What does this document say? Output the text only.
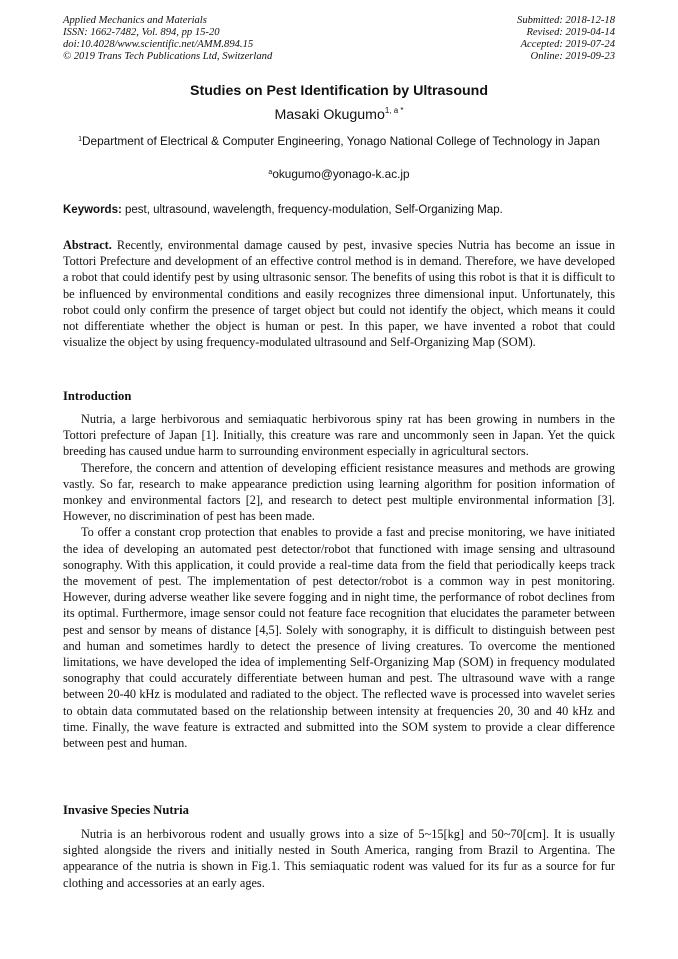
Applied Mechanics and Materials
ISSN: 1662-7482, Vol. 894, pp 15-20
doi:10.4028/www.scientific.net/AMM.894.15
© 2019 Trans Tech Publications Ltd, Switzerland
Submitted: 2018-12-18
Revised: 2019-04-14
Accepted: 2019-07-24
Online: 2019-09-23
Studies on Pest Identification by Ultrasound
Masaki Okugumo$^{1, a *}$
$^1$Department of Electrical & Computer Engineering, Yonago National College of Technology in Japan
$^a$okugumo@yonago-k.ac.jp
Keywords: pest, ultrasound, wavelength, frequency-modulation, Self-Organizing Map.
Abstract. Recently, environmental damage caused by pest, invasive species Nutria has become an issue in Tottori Prefecture and development of an effective control method is in demand. Therefore, we have developed a robot that could identify pest by using ultrasonic sensor. The benefits of using this robot is that it is difficult to be influenced by environmental conditions and easily recognizes three dimensional input. Unfortunately, this robot could only confirm the presence of target object but could not identify the object, which means it could not differentiate whether the object is human or pest. In this paper, we have invented a robot that could visualize the object by using frequency-modulated ultrasound and Self-Organizing Map (SOM).
Introduction

Nutria, a large herbivorous and semiaquatic herbivorous spiny rat has been growing in numbers in the Tottori prefecture of Japan [1]. Initially, this creature was rare and uncommonly seen in Japan. Yet the quick breeding has caused undue harm to surrounding environment especially in agricultural sectors.

Therefore, the concern and attention of developing efficient resistance measures and methods are growing vastly. So far, research to make appearance prediction using learning algorithm for position information of monkey and environmental factors [2], and research to detect pest multiple environmental information [3]. However, no discrimination of pest has been made.

To offer a constant crop protection that enables to provide a fast and precise monitoring, we have initiated the idea of developing an automated pest detector/robot that functioned with image sensing and ultrasound sonography. With this application, it could provide a real-time data from the field that periodically keeps track the movement of pest. The implementation of pest detector/robot is a common way in pest monitoring. However, during adverse weather like severe fogging and in night time, the performance of robot declines from its optimal. Furthermore, image sensor could not feature face recognition that elucidates the parameter between pest and sensor by means of distance [4,5]. Solely with sonography, it is difficult to distinguish between pest and human and sometimes hardly to detect the presence of living creatures. To overcome the mentioned limitations, we have developed the idea of implementing Self-Organizing Map (SOM) in frequency modulated sonography that could accurately differentiate between human and pest. The ultrasound wave with a range between 20-40 kHz is modulated and radiated to the object. The reflected wave is processed into wavelet series to obtain data commutated based on the relationship between intensity at frequencies 20, 30 and 40 kHz and time. Finally, the wave feature is extracted and submitted into the SOM system to provide a clear difference between pest and human.

Invasive Species Nutria

Nutria is an herbivorous rodent and usually grows into a size of 5~15[kg] and 50~70[cm]. It is usually sighted alongside the rivers and initially nested in South America, ranging from Brazil to Argentina. The appearance of the nutria is shown in Fig.1. This semiaquatic rodent was valued for its fur as a source for fur clothing and accessories at an early ages.
